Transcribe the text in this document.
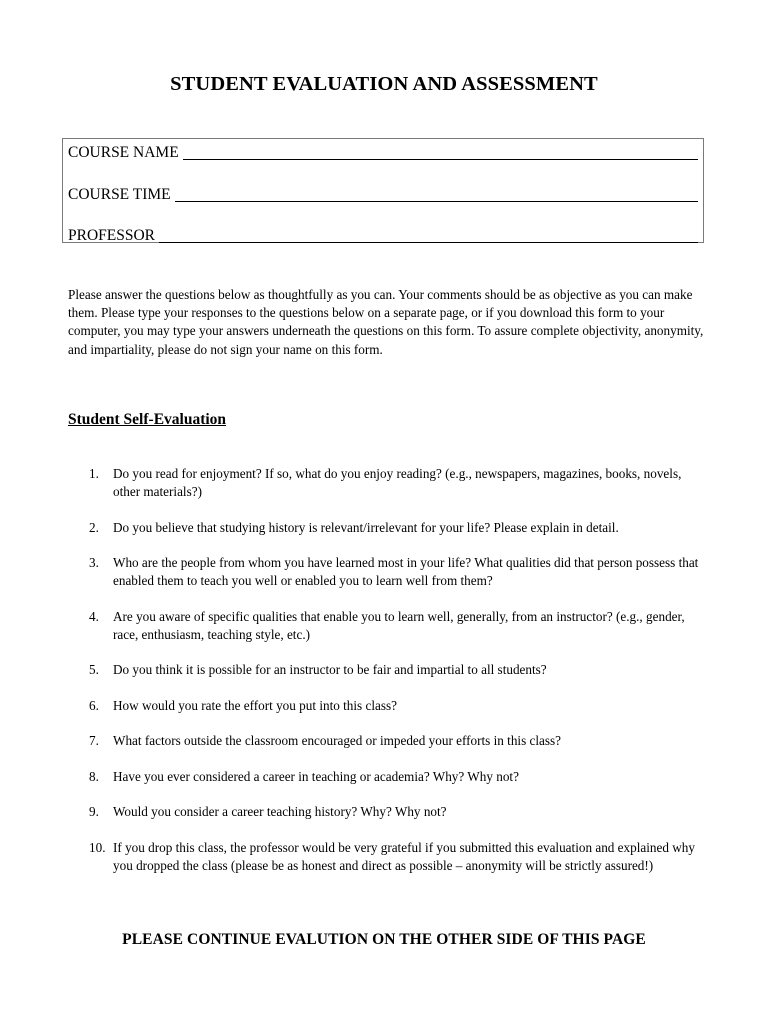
STUDENT EVALUATION AND ASSESSMENT
COURSE NAME
COURSE TIME
PROFESSOR

Please answer the questions below as thoughtfully as you can. Your comments should be as objective as you can make them. Please type your responses to the questions below on a separate page, or if you download this form to your computer, you may type your answers underneath the questions on this form. To assure complete objectivity, anonymity, and impartiality, please do not sign your name on this form.

Student Self-Evaluation
1. Do you read for enjoyment? If so, what do you enjoy reading? (e.g., newspapers, magazines, books, novels, other materials?)
2. Do you believe that studying history is relevant/irrelevant for your life? Please explain in detail.
3. Who are the people from whom you have learned most in your life? What qualities did that person possess that enabled them to teach you well or enabled you to learn well from them?
4. Are you aware of specific qualities that enable you to learn well, generally, from an instructor? (e.g., gender, race, enthusiasm, teaching style, etc.)
5. Do you think it is possible for an instructor to be fair and impartial to all students?
6. How would you rate the effort you put into this class?
7. What factors outside the classroom encouraged or impeded your efforts in this class?
8. Have you ever considered a career in teaching or academia? Why? Why not?
9. Would you consider a career teaching history? Why? Why not?
10. If you drop this class, the professor would be very grateful if you submitted this evaluation and explained why you dropped the class (please be as honest and direct as possible – anonymity will be strictly assured!)
PLEASE CONTINUE EVALUTION ON THE OTHER SIDE OF THIS PAGE
